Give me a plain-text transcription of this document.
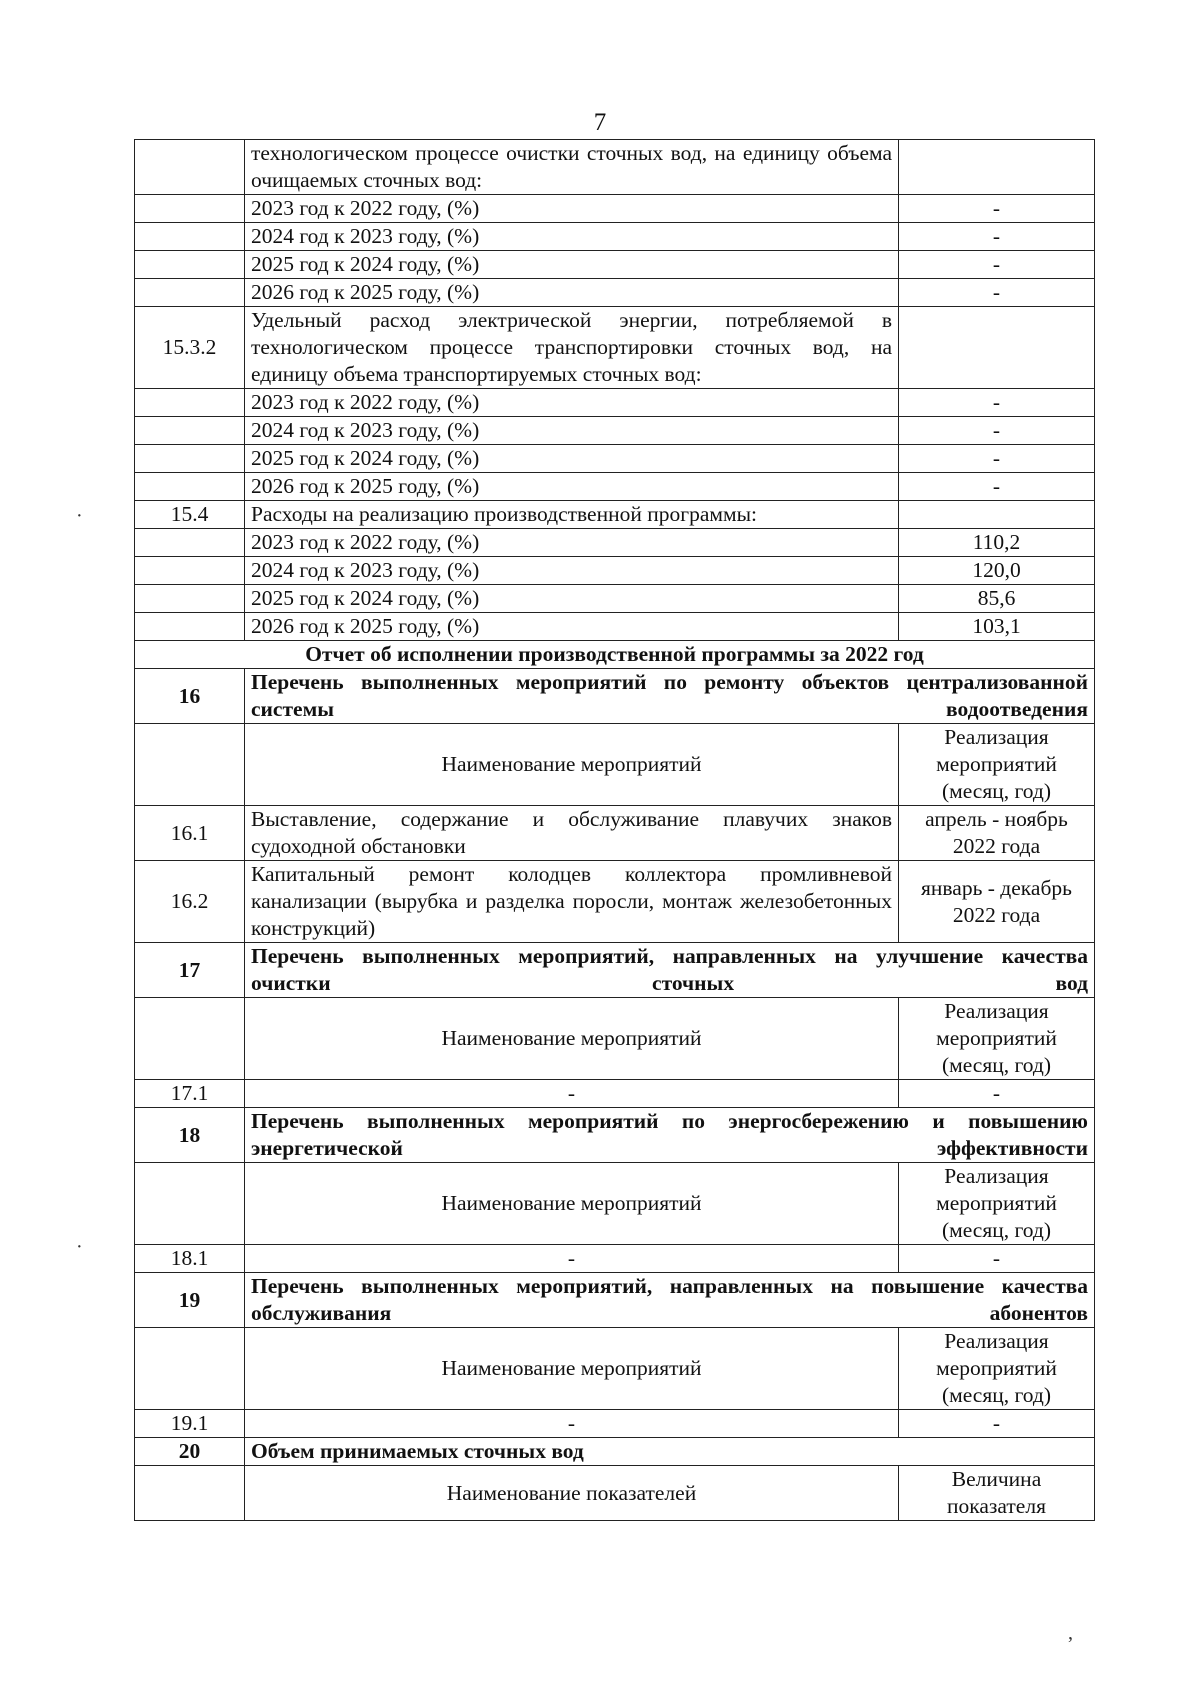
7
	технологическом процессе очистки сточных вод, на единицу объема очищаемых сточных вод:	
	2023 год к 2022 году, (%)	-
	2024 год к 2023 году, (%)	-
	2025 год к 2024 году, (%)	-
	2026 год к 2025 году, (%)	-
15.3.2	Удельный расход электрической энергии, потребляемой в технологическом процессе транспортировки сточных вод, на единицу объема транспортируемых сточных вод:	
	2023 год к 2022 году, (%)	-
	2024 год к 2023 году, (%)	-
	2025 год к 2024 году, (%)	-
	2026 год к 2025 году, (%)	-
15.4	Расходы на реализацию производственной программы:	
	2023 год к 2022 году, (%)	110,2
	2024 год к 2023 году, (%)	120,0
	2025 год к 2024 году, (%)	85,6
	2026 год к 2025 году, (%)	103,1
Отчет об исполнении производственной программы за 2022 год		
16	Перечень выполненных мероприятий по ремонту объектов централизованной системы водоотведения	
	Наименование мероприятий	Реализация мероприятий (месяц, год)
16.1	Выставление, содержание и обслуживание плавучих знаков судоходной обстановки	апрель - ноябрь 2022 года
16.2	Капитальный ремонт колодцев коллектора промливневой канализации (вырубка и разделка поросли, монтаж железобетонных конструкций)	январь - декабрь 2022 года
17	Перечень выполненных мероприятий, направленных на улучшение качества очистки сточных вод	
	Наименование мероприятий	Реализация мероприятий (месяц, год)
17.1	-	-
18	Перечень выполненных мероприятий по энергосбережению и повышению энергетической эффективности	
	Наименование мероприятий	Реализация мероприятий (месяц, год)
18.1	-	-
19	Перечень выполненных мероприятий, направленных на повышение качества обслуживания абонентов	
	Наименование мероприятий	Реализация мероприятий (месяц, год)
19.1	-	-
20	Объем принимаемых сточных вод	
	Наименование показателей	Величина показателя
·
·
,
